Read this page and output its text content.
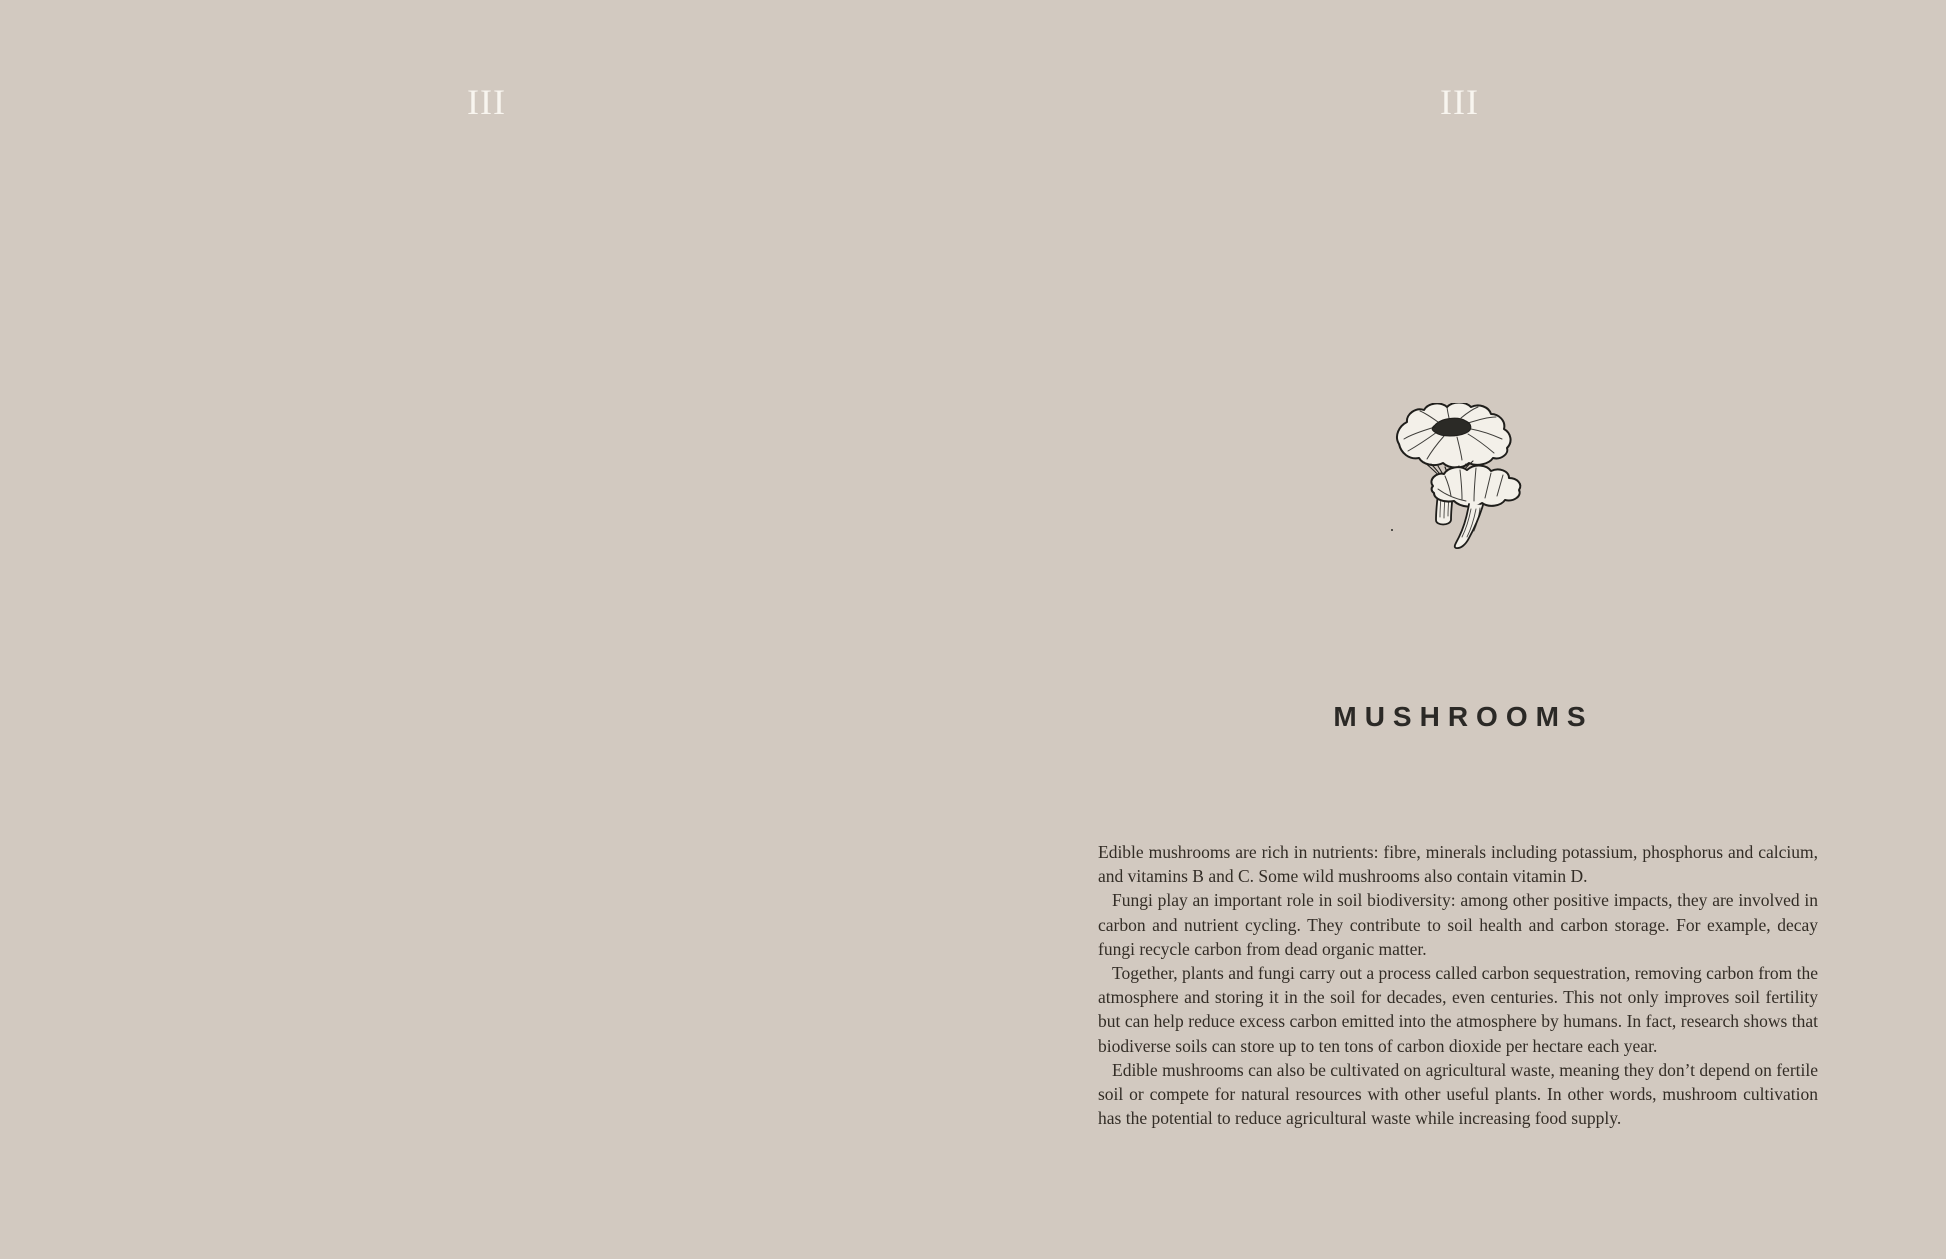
III	III
MUSHROOMS

Edible mushrooms are rich in nutrients: fibre, minerals including potassium, phosphorus and calcium, and vitamins B and C. Some wild mushrooms also contain vitamin D.

Fungi play an important role in soil biodiversity: among other positive impacts, they are involved in carbon and nutrient cycling. They contribute to soil health and carbon storage. For example, decay fungi recycle carbon from dead organic matter.

Together, plants and fungi carry out a process called carbon sequestration, removing carbon from the atmosphere and storing it in the soil for decades, even centuries. This not only improves soil fertility but can help reduce excess carbon emitted into the atmosphere by humans. In fact, research shows that biodiverse soils can store up to ten tons of carbon dioxide per hectare each year.

Edible mushrooms can also be cultivated on agricultural waste, meaning they don’t depend on fertile soil or compete for natural resources with other useful plants. In other words, mushroom cultivation has the potential to reduce agricultural waste while increasing food supply.
